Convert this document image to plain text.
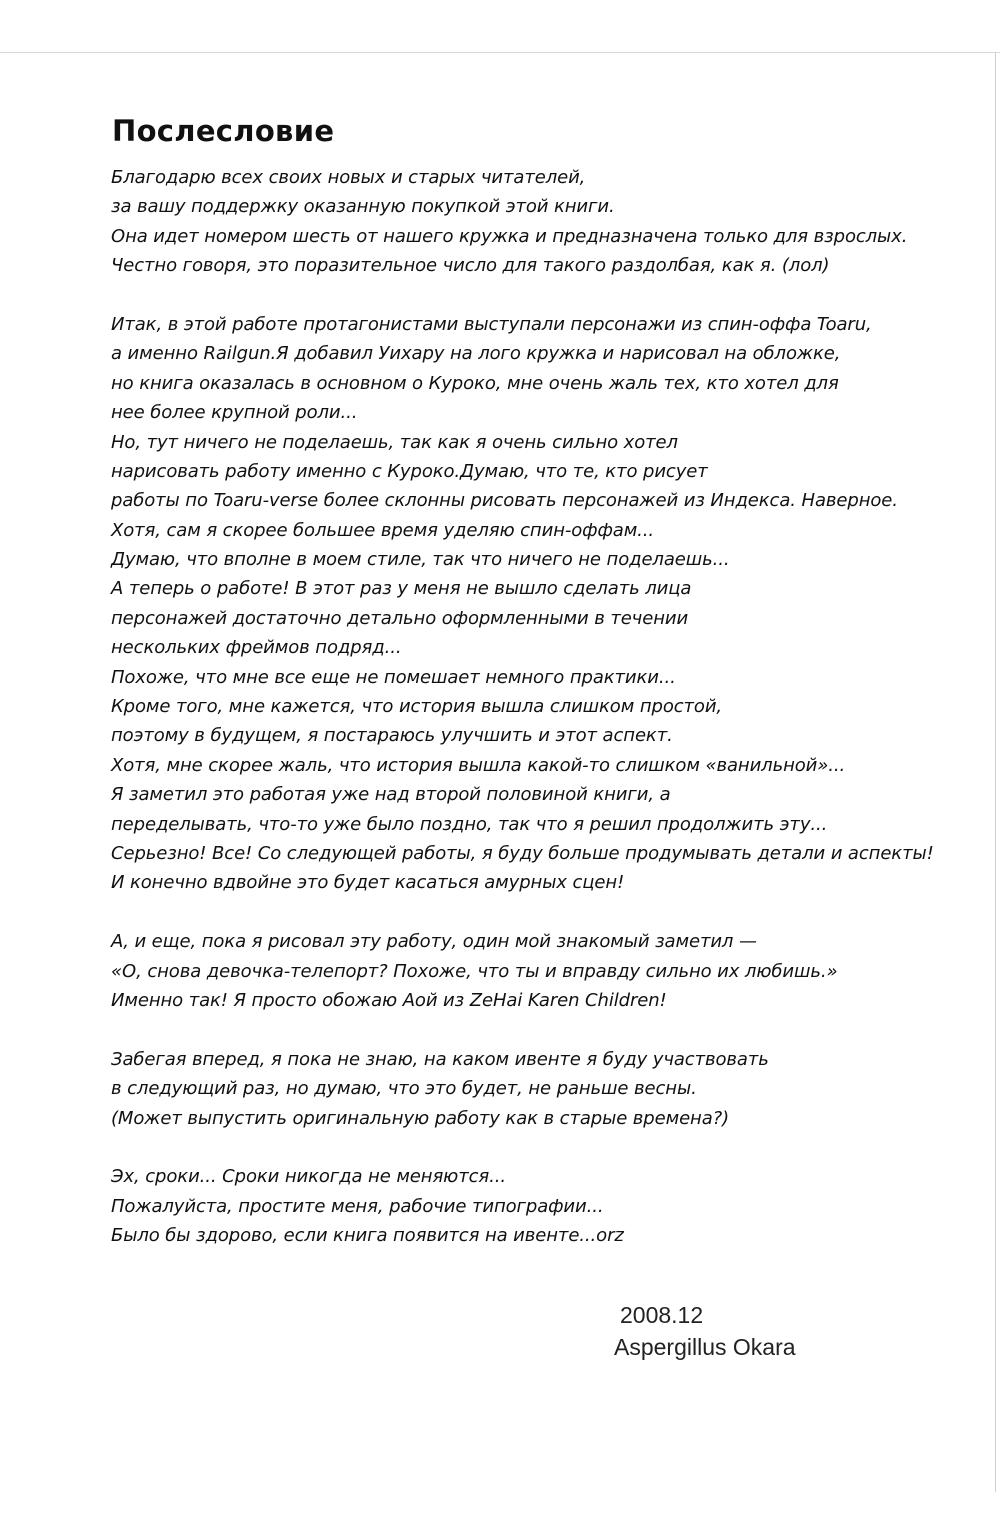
Послесловие
Благодарю всех своих новых и старых читателей,
за вашу поддержку оказанную покупкой этой книги.
Она идет номером шесть от нашего кружка и предназначена только для взрослых.
Честно говоря, это поразительное число для такого раздолбая, как я. (лол)
Итак, в этой работе протагонистами выступали персонажи из спин-оффа Toaru,
а именно Railgun.Я добавил Уихару на лого кружка и нарисовал на обложке,
но книга оказалась в основном о Куроко, мне очень жаль тех, кто хотел для
нее более крупной роли...
Но, тут ничего не поделаешь, так как я очень сильно хотел
нарисовать работу именно с Куроко.Думаю, что те, кто рисует
работы по Toaru-verse более склонны рисовать персонажей из Индекса. Наверное.
Хотя, сам я скорее большее время уделяю спин-оффам...
Думаю, что вполне в моем стиле, так что ничего не поделаешь...
А теперь о работе! В этот раз у меня не вышло сделать лица
персонажей достаточно детально оформленными в течении
нескольких фреймов подряд...
Похоже, что мне все еще не помешает немного практики...
Кроме того, мне кажется, что история вышла слишком простой,
поэтому в будущем, я постараюсь улучшить и этот аспект.
Хотя, мне скорее жаль, что история вышла какой-то слишком «ванильной»...
Я заметил это работая уже над второй половиной книги, а
переделывать, что-то уже было поздно, так что я решил продолжить эту...
Серьезно! Все! Со следующей работы, я буду больше продумывать детали и аспекты!
И конечно вдвойне это будет касаться амурных сцен!
А, и еще, пока я рисовал эту работу, один мой знакомый заметил —
«О, снова девочка-телепорт? Похоже, что ты и вправду сильно их любишь.»
Именно так! Я просто обожаю Аой из ZeHai Karen Children!
Забегая вперед, я пока не знаю, на каком ивенте я буду участвовать
в следующий раз, но думаю, что это будет, не раньше весны.
(Может выпустить оригинальную работу как в старые времена?)
Эх, сроки... Сроки никогда не меняются...
Пожалуйста, простите меня, рабочие типографии...
Было бы здорово, если книга появится на ивенте...orz
2008.12
Aspergillus Okara
